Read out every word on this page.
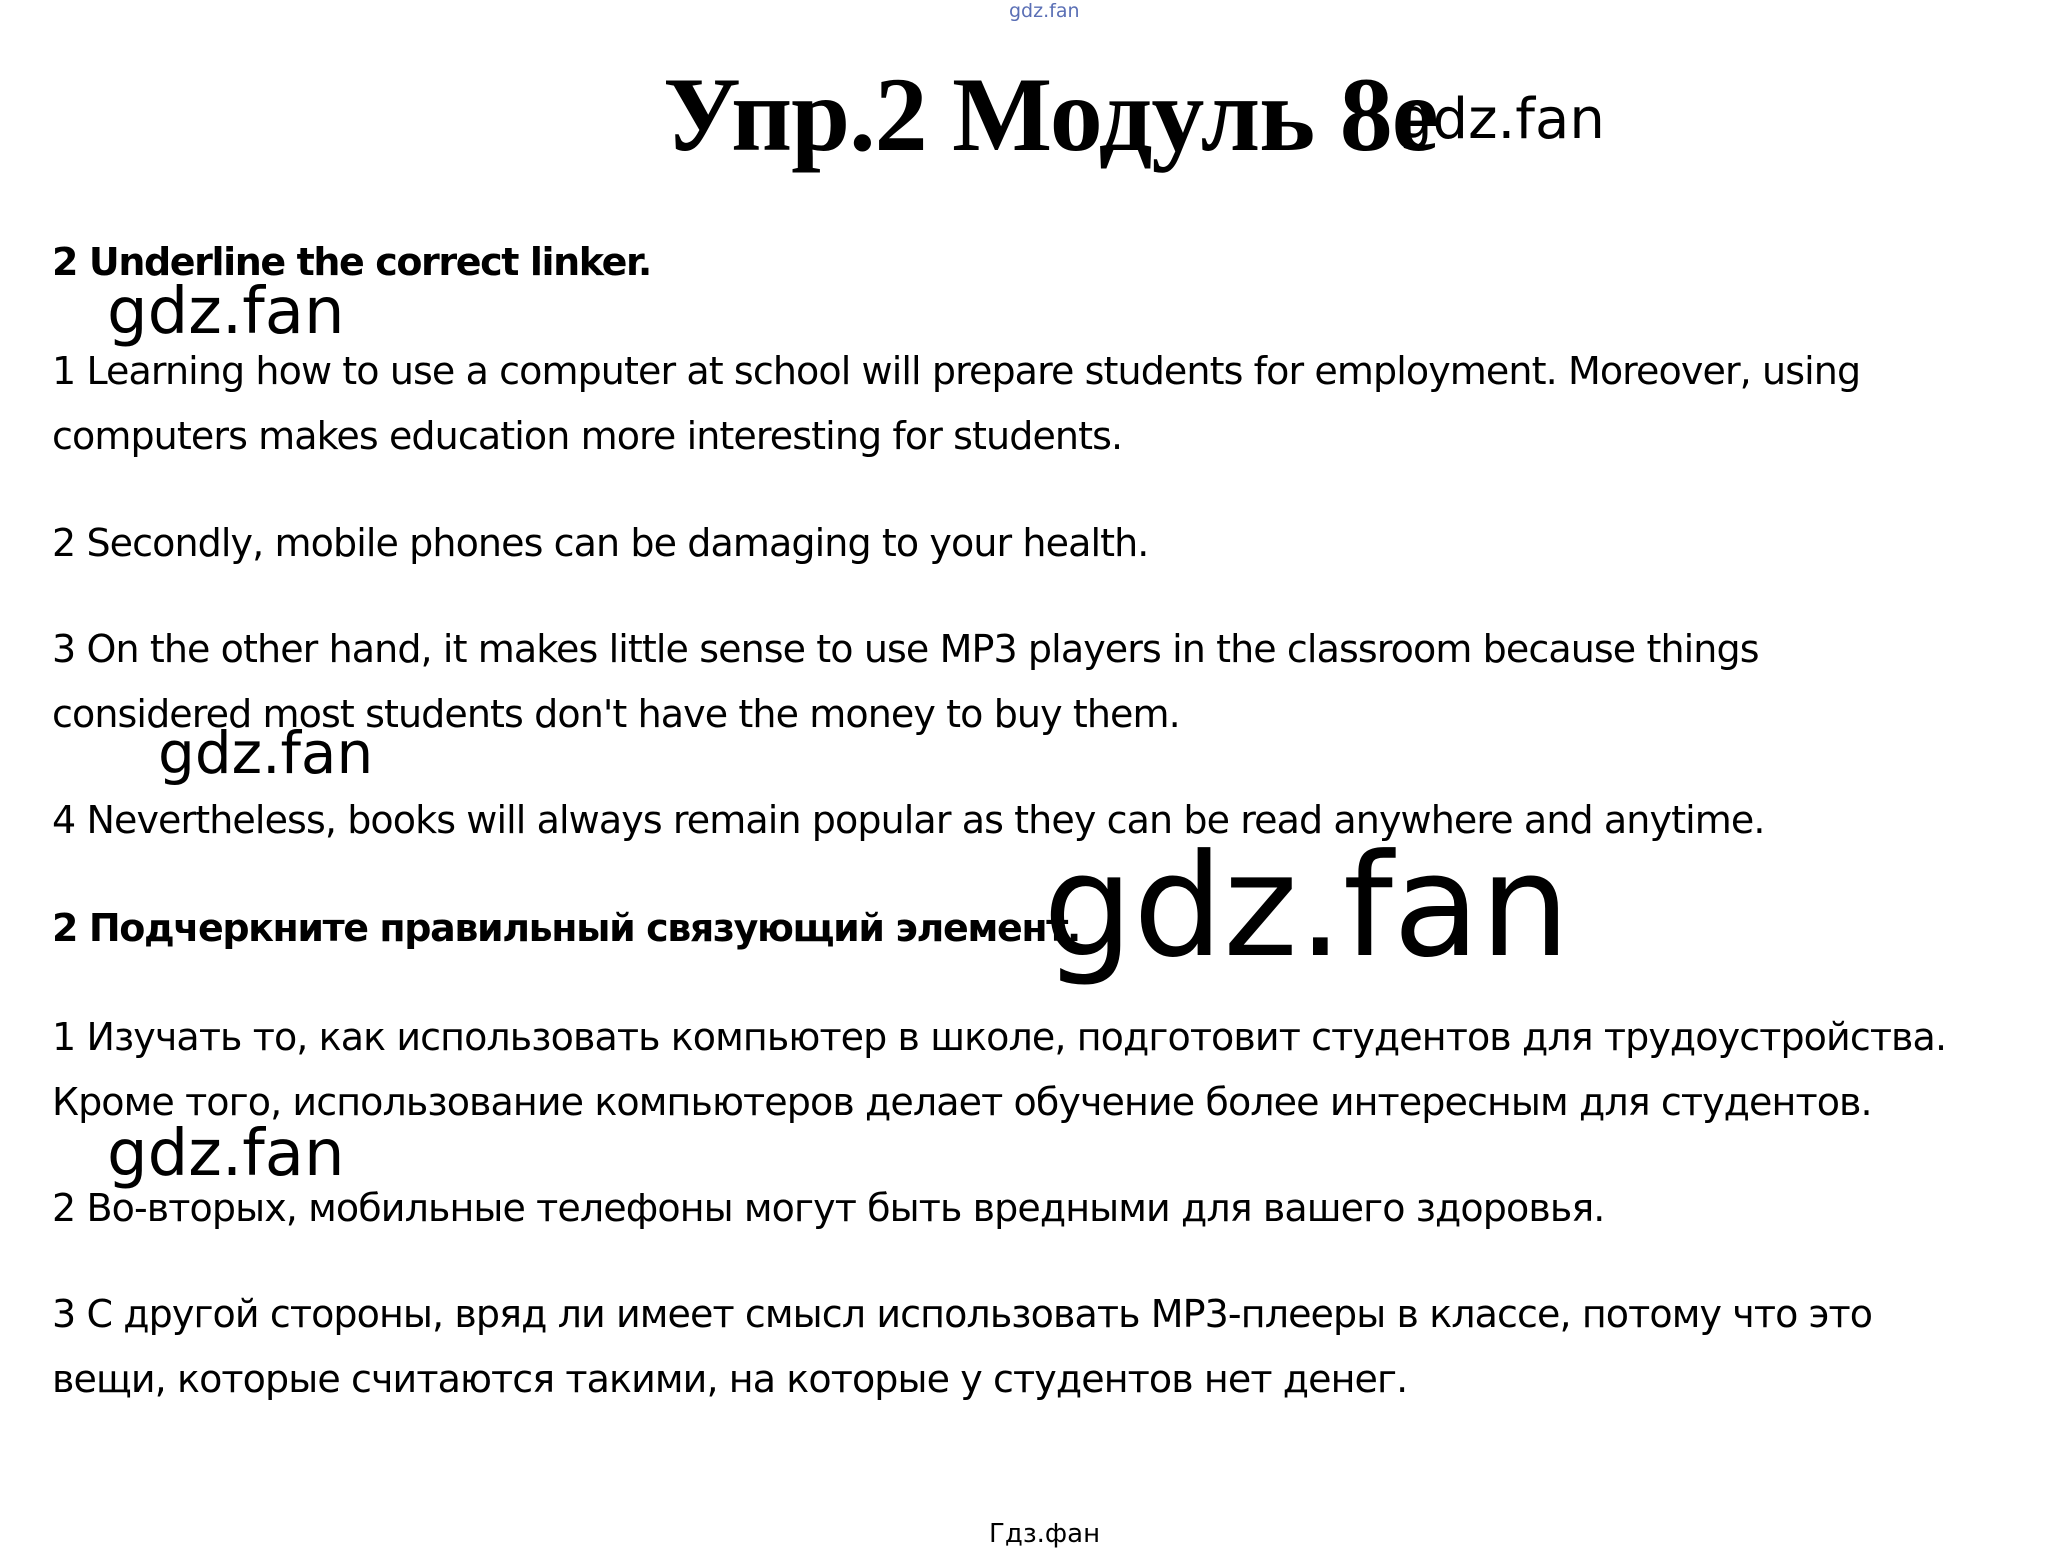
gdz.fan
Упр.2 Модуль 8е
gdz.fan
2 Underline the correct linker.
gdz.fan
1 Learning how to use a computer at school will prepare students for employment. Moreover, using
computers makes education more interesting for students.
2 Secondly, mobile phones can be damaging to your health.
3 On the other hand, it makes little sense to use MP3 players in the classroom because things
considered most students don't have the money to buy them.
gdz.fan
4 Nevertheless, books will always remain popular as they can be read anywhere and anytime.
2 Подчеркните правильный связующий элемент.
gdz.fan
1 Изучать то, как использовать компьютер в школе, подготовит студентов для трудоустройства.
Кроме того, использование компьютеров делает обучение более интересным для студентов.
gdz.fan
2 Во-вторых, мобильные телефоны могут быть вредными для вашего здоровья.
3 С другой стороны, вряд ли имеет смысл использовать MP3-плееры в классе, потому что это
вещи, которые считаются такими, на которые у студентов нет денег.
Гдз.фан
